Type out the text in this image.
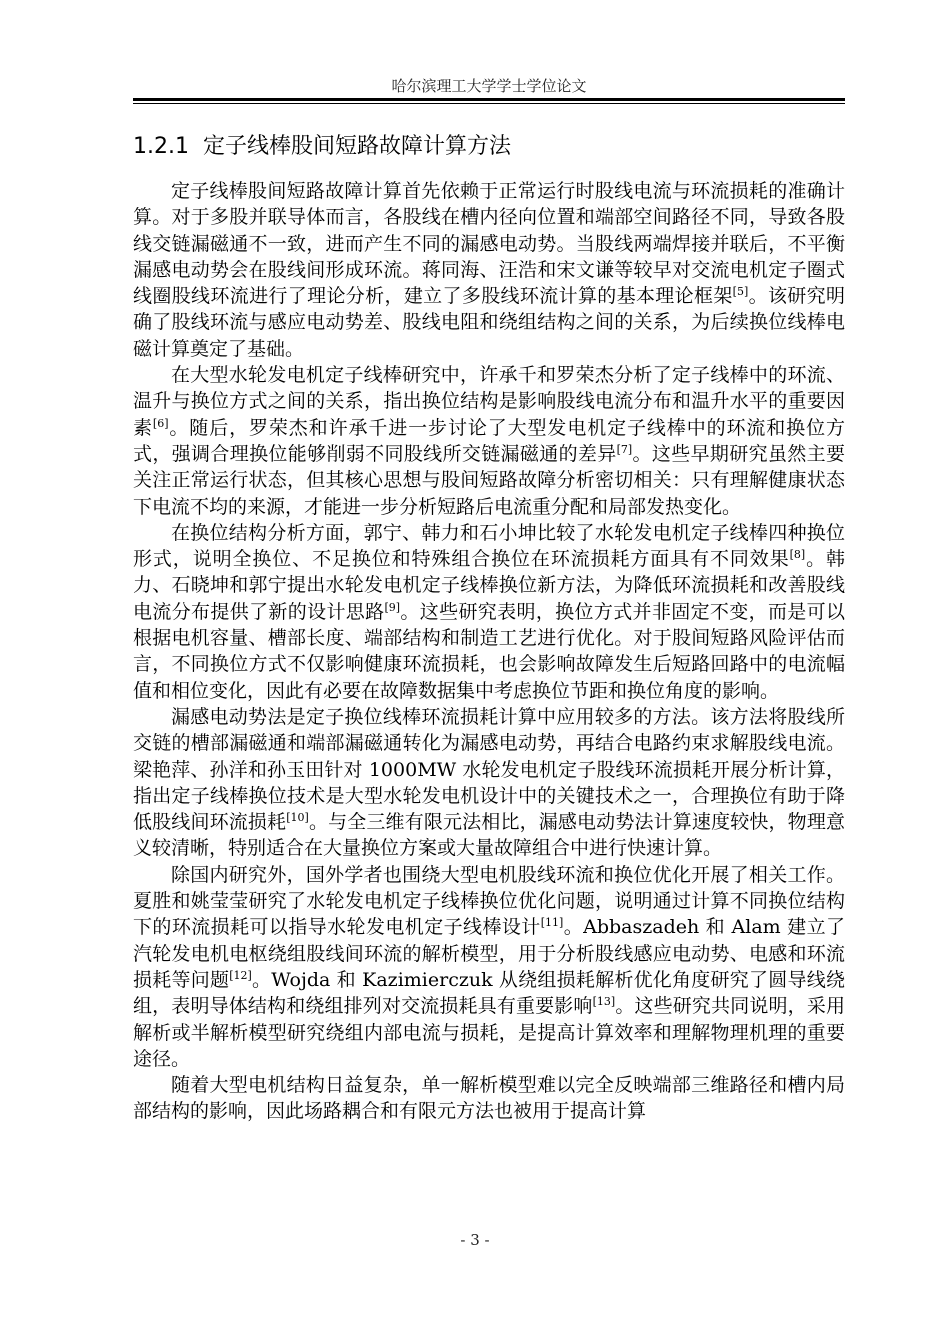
哈尔滨理工大学学士学位论文
1.2.1 定子线棒股间短路故障计算方法

定子线棒股间短路故障计算首先依赖于正常运行时股线电流与环流损耗的准确计算。对于多股并联导体而言，各股线在槽内径向位置和端部空间路径不同，导致各股线交链漏磁通不一致，进而产生不同的漏感电动势。当股线两端焊接并联后，不平衡漏感电动势会在股线间形成环流。蒋同海、汪浩和宋文谦等较早对交流电机定子圈式线圈股线环流进行了理论分析，建立了多股线环流计算的基本理论框架[5]。该研究明确了股线环流与感应电动势差、股线电阻和绕组结构之间的关系，为后续换位线棒电磁计算奠定了基础。

在大型水轮发电机定子线棒研究中，许承千和罗荣杰分析了定子线棒中的环流、温升与换位方式之间的关系，指出换位结构是影响股线电流分布和温升水平的重要因素[6]。随后，罗荣杰和许承千进一步讨论了大型发电机定子线棒中的环流和换位方式，强调合理换位能够削弱不同股线所交链漏磁通的差异[7]。这些早期研究虽然主要关注正常运行状态，但其核心思想与股间短路故障分析密切相关：只有理解健康状态下电流不均的来源，才能进一步分析短路后电流重分配和局部发热变化。

在换位结构分析方面，郭宁、韩力和石小坤比较了水轮发电机定子线棒四种换位形式，说明全换位、不足换位和特殊组合换位在环流损耗方面具有不同效果[8]。韩力、石晓坤和郭宁提出水轮发电机定子线棒换位新方法，为降低环流损耗和改善股线电流分布提供了新的设计思路[9]。这些研究表明，换位方式并非固定不变，而是可以根据电机容量、槽部长度、端部结构和制造工艺进行优化。对于股间短路风险评估而言，不同换位方式不仅影响健康环流损耗，也会影响故障发生后短路回路中的电流幅值和相位变化，因此有必要在故障数据集中考虑换位节距和换位角度的影响。

漏感电动势法是定子换位线棒环流损耗计算中应用较多的方法。该方法将股线所交链的槽部漏磁通和端部漏磁通转化为漏感电动势，再结合电路约束求解股线电流。梁艳萍、孙洋和孙玉田针对 1000MW 水轮发电机定子股线环流损耗开展分析计算，指出定子线棒换位技术是大型水轮发电机设计中的关键技术之一，合理换位有助于降低股线间环流损耗[10]。与全三维有限元法相比，漏感电动势法计算速度较快，物理意义较清晰，特别适合在大量换位方案或大量故障组合中进行快速计算。

除国内研究外，国外学者也围绕大型电机股线环流和换位优化开展了相关工作。夏胜和姚莹莹研究了水轮发电机定子线棒换位优化问题，说明通过计算不同换位结构下的环流损耗可以指导水轮发电机定子线棒设计[11]。Abbaszadeh 和 Alam 建立了汽轮发电机电枢绕组股线间环流的解析模型，用于分析股线感应电动势、电感和环流损耗等问题[12]。Wojda 和 Kazimierczuk 从绕组损耗解析优化角度研究了圆导线绕组，表明导体结构和绕组排列对交流损耗具有重要影响[13]。这些研究共同说明，采用解析或半解析模型研究绕组内部电流与损耗，是提高计算效率和理解物理机理的重要途径。

随着大型电机结构日益复杂，单一解析模型难以完全反映端部三维路径和槽内局部结构的影响，因此场路耦合和有限元方法也被用于提高计算

- 3 -
